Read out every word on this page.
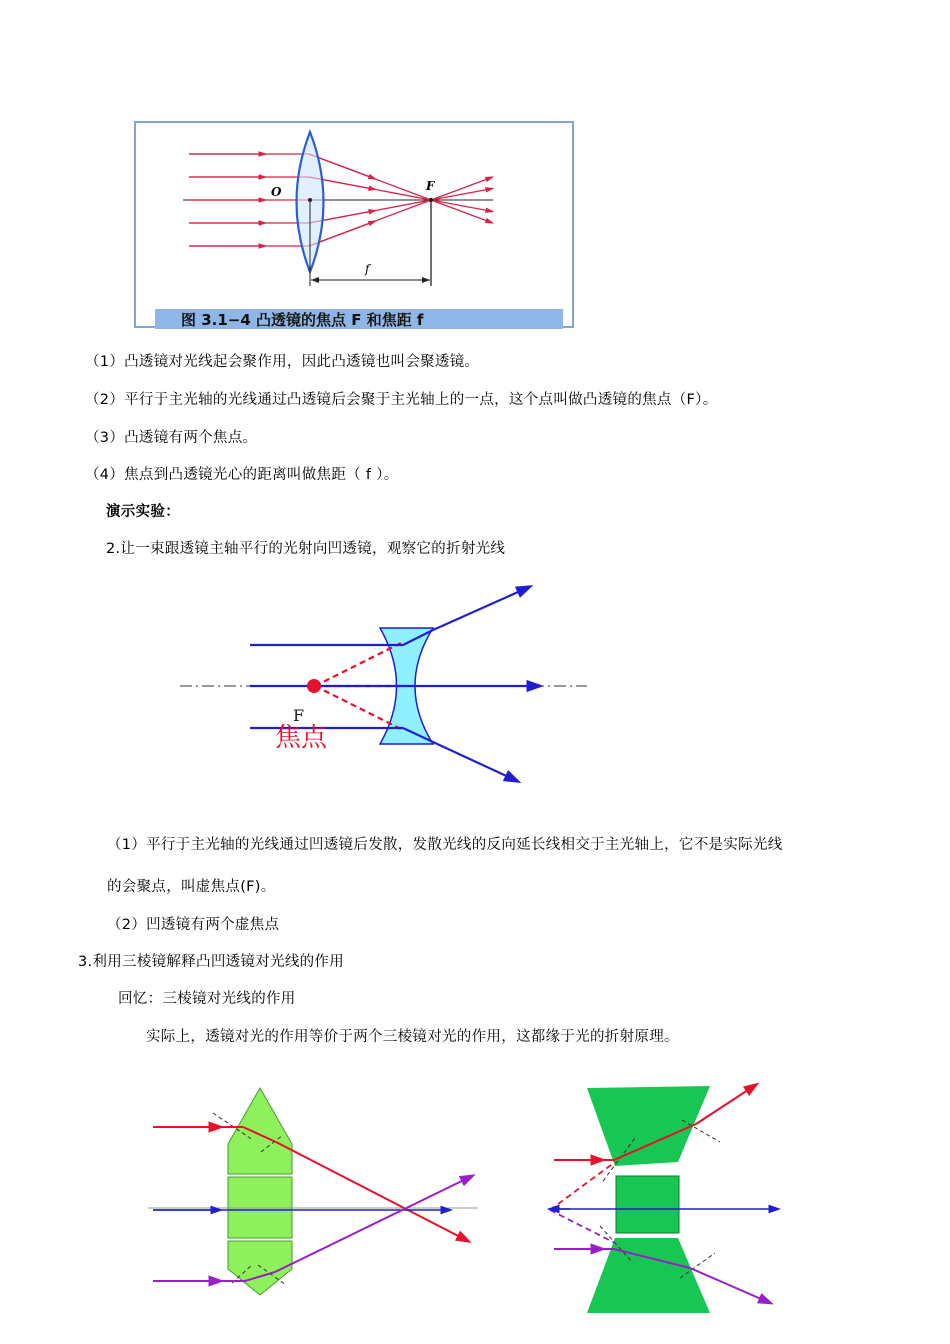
O	F
f
图 3.1−4 凸透镜的焦点 F 和焦距 f
（1）凸透镜对光线起会聚作用，因此凸透镜也叫会聚透镜。
（2）平行于主光轴的光线通过凸透镜后会聚于主光轴上的一点，这个点叫做凸透镜的焦点（F）。
（3）凸透镜有两个焦点。
（4）焦点到凸透镜光心的距离叫做焦距（ f ）。
演示实验：
2.让一束跟透镜主轴平行的光射向凹透镜，观察它的折射光线
F
焦点
（1）平行于主光轴的光线通过凹透镜后发散，发散光线的反向延长线相交于主光轴上，它不是实际光线
的会聚点，叫虚焦点(F)。
（2）凹透镜有两个虚焦点
3.利用三棱镜解释凸凹透镜对光线的作用
回忆：三棱镜对光线的作用
实际上，透镜对光的作用等价于两个三棱镜对光的作用，这都缘于光的折射原理。
